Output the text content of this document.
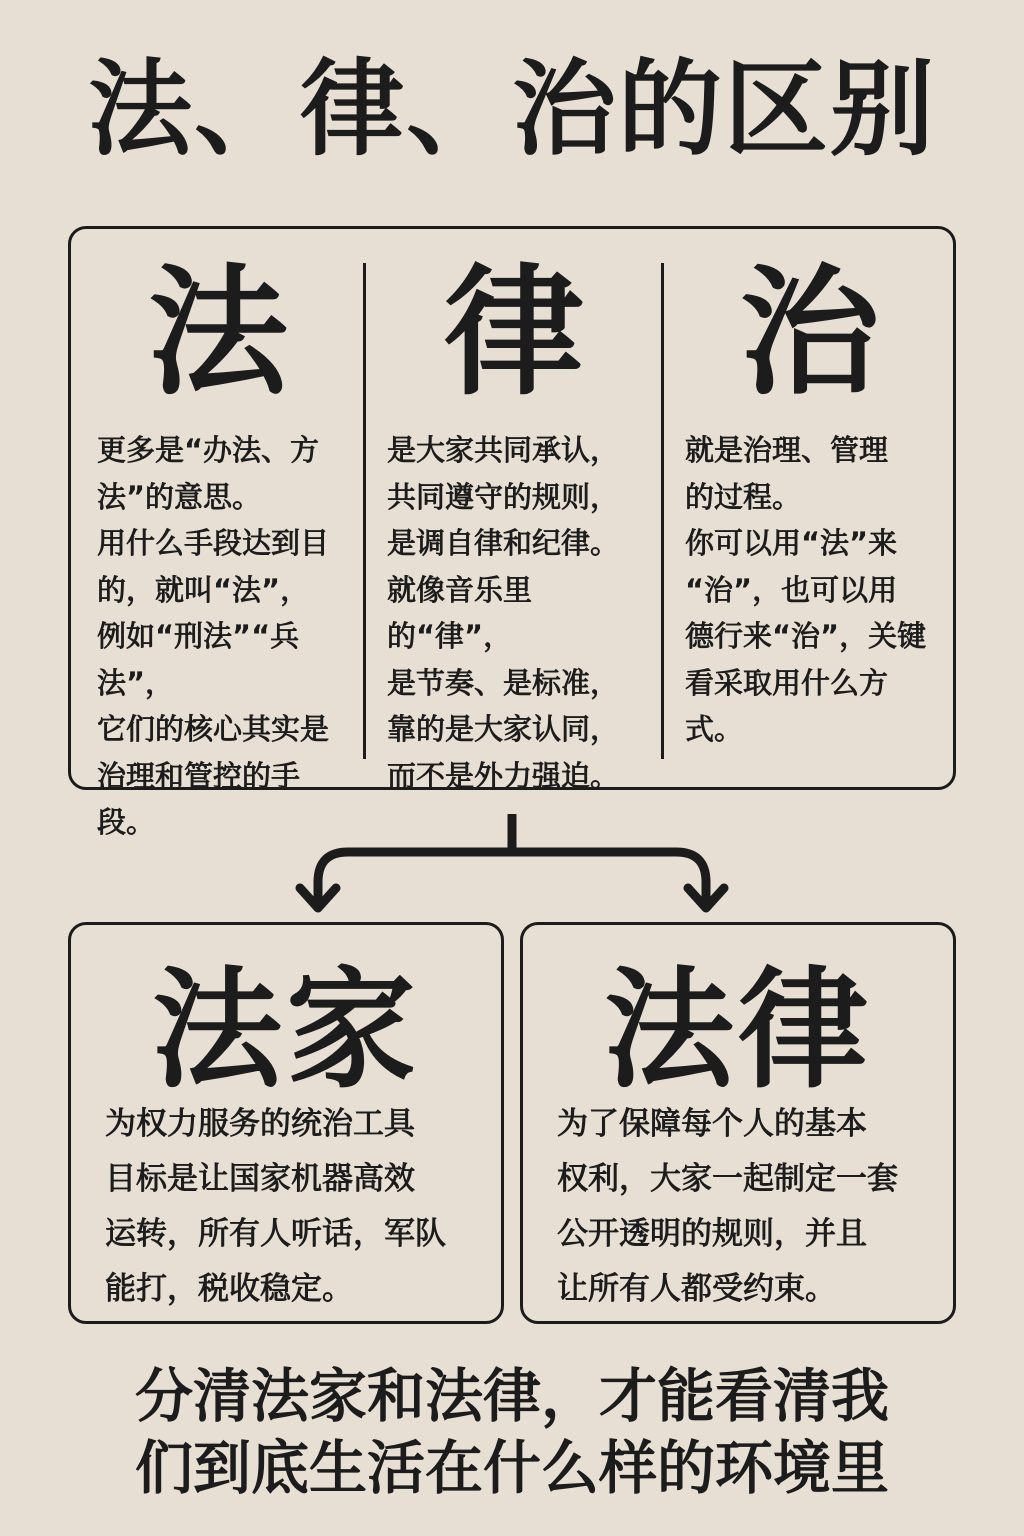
法、律、治的区别
法
更多是“办法、方
法”的意思。
用什么手段达到目
的，就叫“法”，
例如“刑法”“兵法”，
它们的核心其实是
治理和管控的手段。
律
是大家共同承认，
共同遵守的规则，
是调自律和纪律。
就像音乐里的“律”，
是节奏、是标准，
靠的是大家认同，
而不是外力强迫。
治
就是治理、管理
的过程。
你可以用“法”来
“治”，也可以用
德行来“治”，关键
看采取用什么方
式。
法家
为权力服务的统治工具
目标是让国家机器高效
运转，所有人听话，军队
能打，税收稳定。
法律
为了保障每个人的基本
权利，大家一起制定一套
公开透明的规则，并且
让所有人都受约束。
分清法家和法律，才能看清我
们到底生活在什么样的环境里
